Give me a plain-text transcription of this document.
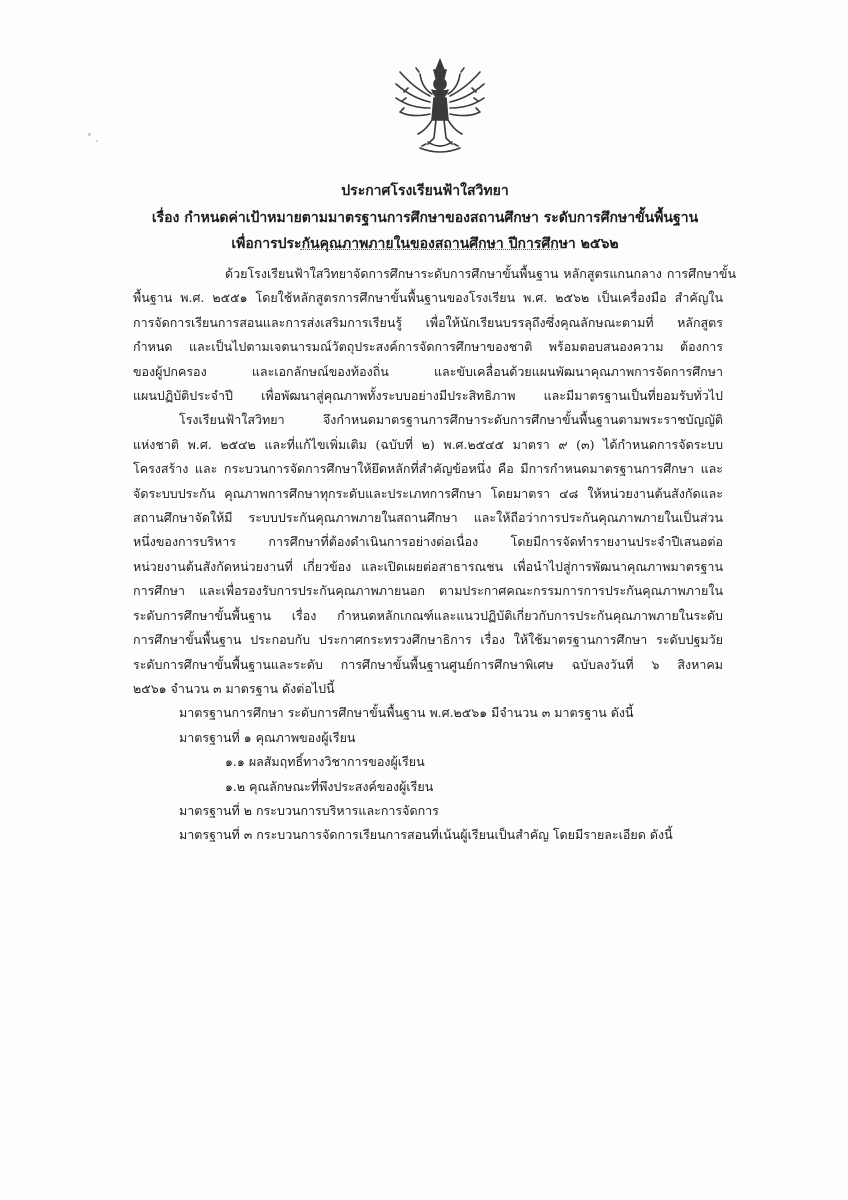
ประกาศโรงเรียนฟ้าใสวิทยา
เรื่อง กำหนดค่าเป้าหมายตามมาตรฐานการศึกษาของสถานศึกษา ระดับการศึกษาขั้นพื้นฐาน
เพื่อการประกันคุณภาพภายในของสถานศึกษา ปีการศึกษา ๒๕๖๒

ด้วยโรงเรียนฟ้าใสวิทยาจัดการศึกษาระดับการศึกษาขั้นพื้นฐาน หลักสูตรแกนกลาง การศึกษาขั้น

พื้นฐาน พ.ศ. ๒๕๕๑ โดยใช้หลักสูตรการศึกษาขั้นพื้นฐานของโรงเรียน พ.ศ. ๒๕๖๒ เป็นเครื่องมือ สำคัญใน

การจัดการเรียนการสอนและการส่งเสริมการเรียนรู้ เพื่อให้นักเรียนบรรลุถึงซึ่งคุณลักษณะตามที่ หลักสูตร

กำหนด และเป็นไปตามเจตนารมณ์วัตถุประสงค์การจัดการศึกษาของชาติ พร้อมตอบสนองความ ต้องการ

ของผู้ปกครอง และเอกลักษณ์ของท้องถิ่น และขับเคลื่อนด้วยแผนพัฒนาคุณภาพการจัดการศึกษา

แผนปฏิบัติประจำปี เพื่อพัฒนาสู่คุณภาพทั้งระบบอย่างมีประสิทธิภาพ และมีมาตรฐานเป็นที่ยอมรับทั่วไป

โรงเรียนฟ้าใสวิทยา จึงกำหนดมาตรฐานการศึกษาระดับการศึกษาขั้นพื้นฐานตามพระราชบัญญัติ

แห่งชาติ พ.ศ. ๒๕๔๒ และที่แก้ไขเพิ่มเติม (ฉบับที่ ๒) พ.ศ.๒๕๔๕ มาตรา ๙ (๓) ได้กำหนดการจัดระบบ

โครงสร้าง และ กระบวนการจัดการศึกษาให้ยึดหลักที่สำคัญข้อหนึ่ง คือ มีการกำหนดมาตรฐานการศึกษา และ

จัดระบบประกัน คุณภาพการศึกษาทุกระดับและประเภทการศึกษา โดยมาตรา ๔๘ ให้หน่วยงานต้นสังกัดและ

สถานศึกษาจัดให้มี ระบบประกันคุณภาพภายในสถานศึกษา และให้ถือว่าการประกันคุณภาพภายในเป็นส่วน

หนึ่งของการบริหาร การศึกษาที่ต้องดำเนินการอย่างต่อเนื่อง โดยมีการจัดทำรายงานประจำปีเสนอต่อ

หน่วยงานต้นสังกัดหน่วยงานที่ เกี่ยวข้อง และเปิดเผยต่อสาธารณชน เพื่อนำไปสู่การพัฒนาคุณภาพมาตรฐาน

การศึกษา และเพื่อรองรับการประกันคุณภาพภายนอก ตามประกาศคณะกรรมการการประกันคุณภาพภายใน

ระดับการศึกษาขั้นพื้นฐาน เรื่อง กำหนดหลักเกณฑ์และแนวปฏิบัติเกี่ยวกับการประกันคุณภาพภายในระดับ

การศึกษาขั้นพื้นฐาน ประกอบกับ ประกาศกระทรวงศึกษาธิการ เรื่อง ให้ใช้มาตรฐานการศึกษา ระดับปฐมวัย

ระดับการศึกษาขั้นพื้นฐานและระดับ การศึกษาขั้นพื้นฐานศูนย์การศึกษาพิเศษ ฉบับลงวันที่ ๖ สิงหาคม

๒๕๖๑ จำนวน ๓ มาตรฐาน ดังต่อไปนี้

มาตรฐานการศึกษา ระดับการศึกษาขั้นพื้นฐาน พ.ศ.๒๕๖๑ มีจำนวน ๓ มาตรฐาน ดังนี้

มาตรฐานที่ ๑ คุณภาพของผู้เรียน

๑.๑ ผลสัมฤทธิ์ทางวิชาการของผู้เรียน

๑.๒ คุณลักษณะที่พึงประสงค์ของผู้เรียน

มาตรฐานที่ ๒ กระบวนการบริหารและการจัดการ

มาตรฐานที่ ๓ กระบวนการจัดการเรียนการสอนที่เน้นผู้เรียนเป็นสำคัญ โดยมีรายละเอียด ดังนี้
